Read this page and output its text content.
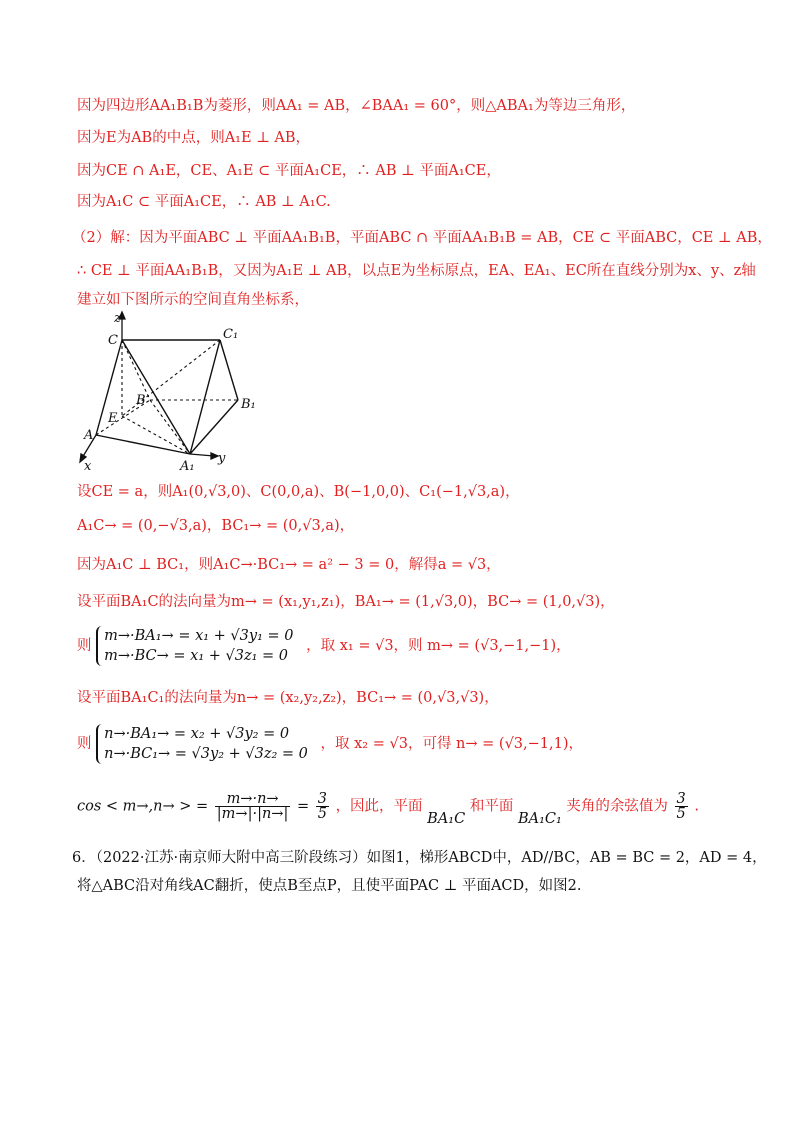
因为四边形AA₁B₁B为菱形，则AA₁ = AB，∠BAA₁ = 60°，则△ABA₁为等边三角形，
因为E为AB的中点，则A₁E ⊥ AB，
因为CE ∩ A₁E，CE、A₁E ⊂ 平面A₁CE，∴ AB ⊥ 平面A₁CE，
因为A₁C ⊂ 平面A₁CE，∴ AB ⊥ A₁C.
（2）解：因为平面ABC ⊥ 平面AA₁B₁B，平面ABC ∩ 平面AA₁B₁B = AB，CE ⊂ 平面ABC，CE ⊥ AB，
∴ CE ⊥ 平面AA₁B₁B，又因为A₁E ⊥ AB，以点E为坐标原点，EA、EA₁、EC所在直线分别为x、y、z轴
建立如下图所示的空间直角坐标系，
z
C	C₁
B	B₁
E
A
A₁
y
x
设CE = a，则A₁(0,√3,0)、C(0,0,a)、B(−1,0,0)、C₁(−1,√3,a)，
A₁C→ = (0,−√3,a)，BC₁→ = (0,√3,a)，
因为A₁C ⊥ BC₁，则A₁C→·BC₁→ = a² − 3 = 0，解得a = √3，
设平面BA₁C的法向量为m→ = (x₁,y₁,z₁)，BA₁→ = (1,√3,0)，BC→ = (1,0,√3)，
则
m→·BA₁→ = x₁ + √3y₁ = 0
m→·BC→ = x₁ + √3z₁ = 0
，取 x₁ = √3，则 m→ = (√3,−1,−1)，
设平面BA₁C₁的法向量为n→ = (x₂,y₂,z₂)，BC₁→ = (0,√3,√3)，
则
n→·BA₁→ = x₂ + √3y₂ = 0
n→·BC₁→ = √3y₂ + √3z₂ = 0
，取 x₂ = √3，可得 n→ = (√3,−1,1)，
cos < m→,n→ > = $\frac{m\to\cdot n\to}{|m\to|\cdot|n\to|} = \frac{3}{5}$ ，因此，平面 BA₁C 和平面 BA₁C₁ 夹角的余弦值为 $\frac{3}{5}$ .
6．（2022·江苏·南京师大附中高三阶段练习）如图1，梯形ABCD中，AD//BC，AB = BC = 2，AD = 4，
将△ABC沿对角线AC翻折，使点B至点P，且使平面PAC ⊥ 平面ACD，如图2.
